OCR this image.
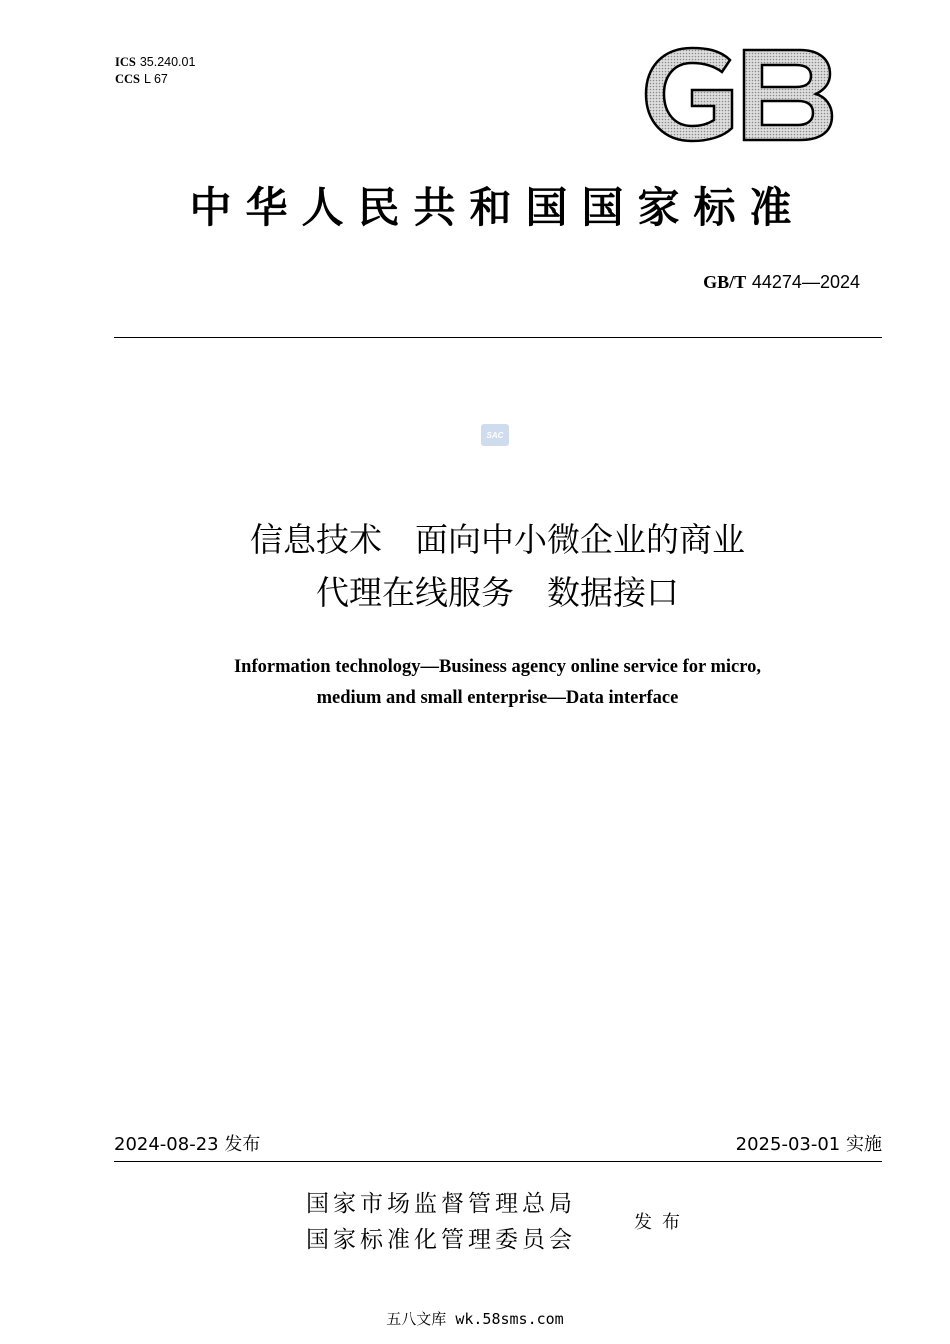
ICS 35.240.01
CCS L 67
GB
中华人民共和国国家标准
GB/T 44274—2024
SAC
信息技术　面向中小微企业的商业
代理在线服务　数据接口
Information technology—Business agency online service for micro,
medium and small enterprise—Data interface
2024-08-23 发布	2025-03-01 实施
国家市场监督管理总局
国家标准化管理委员会
发布
五八文库 wk.58sms.com
